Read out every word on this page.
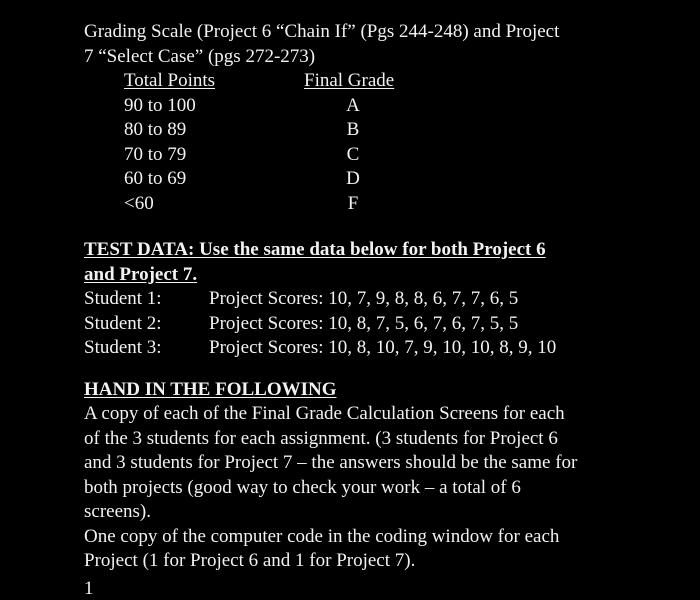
Grading Scale (Project 6 “Chain If” (Pgs 244-248) and Project
7 “Select Case” (pgs 272-273)
Total Points	Final Grade
90 to 100	A
80 to 89	B
70 to 79	C
60 to 69	D
<60	F
TEST DATA: Use the same data below for both Project 6
and Project 7.
Student 1: Project Scores: 10, 7, 9, 8, 8, 6, 7, 7, 6, 5
Student 2: Project Scores: 10, 8, 7, 5, 6, 7, 6, 7, 5, 5
Student 3: Project Scores: 10, 8, 10, 7, 9, 10, 10, 8, 9, 10
HAND IN THE FOLLOWING
A copy of each of the Final Grade Calculation Screens for each
of the 3 students for each assignment. (3 students for Project 6
and 3 students for Project 7 – the answers should be the same for
both projects (good way to check your work – a total of 6
screens).
One copy of the computer code in the coding window for each
Project (1 for Project 6 and 1 for Project 7).
1
